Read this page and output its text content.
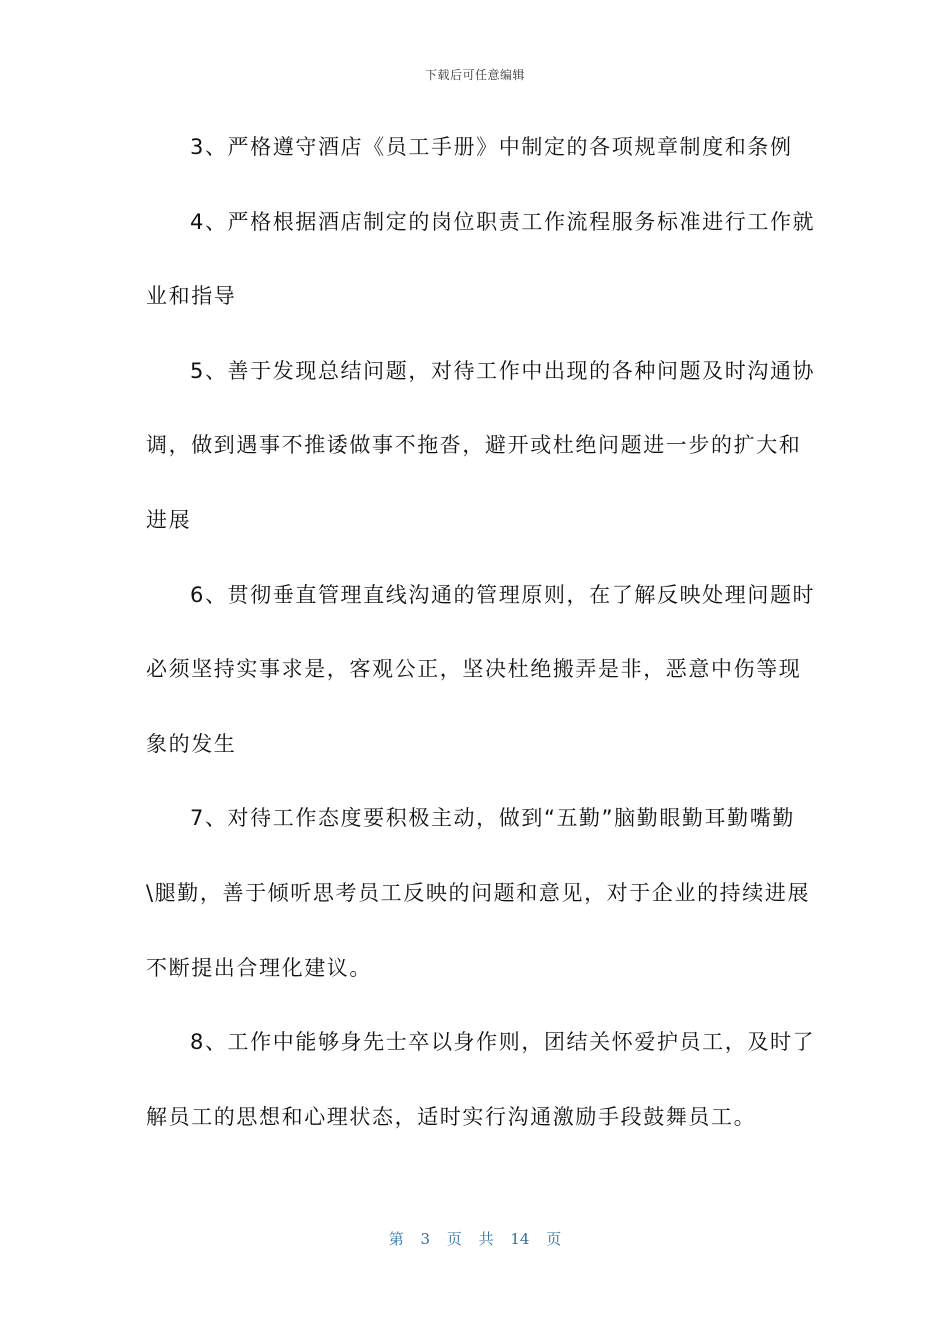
下载后可任意编辑
3、严格遵守酒店《员工手册》中制定的各项规章制度和条例
4、严格根据酒店制定的岗位职责工作流程服务标准进行工作就
业和指导
5、善于发现总结问题，对待工作中出现的各种问题及时沟通协
调，做到遇事不推诿做事不拖沓，避开或杜绝问题进一步的扩大和
进展
6、贯彻垂直管理直线沟通的管理原则，在了解反映处理问题时
必须坚持实事求是，客观公正，坚决杜绝搬弄是非，恶意中伤等现
象的发生
7、对待工作态度要积极主动，做到“五勤”脑勤眼勤耳勤嘴勤
\腿勤，善于倾听思考员工反映的问题和意见，对于企业的持续进展
不断提出合理化建议。
8、工作中能够身先士卒以身作则，团结关怀爱护员工，及时了
解员工的思想和心理状态，适时实行沟通激励手段鼓舞员工。
第 3 页 共 14 页
